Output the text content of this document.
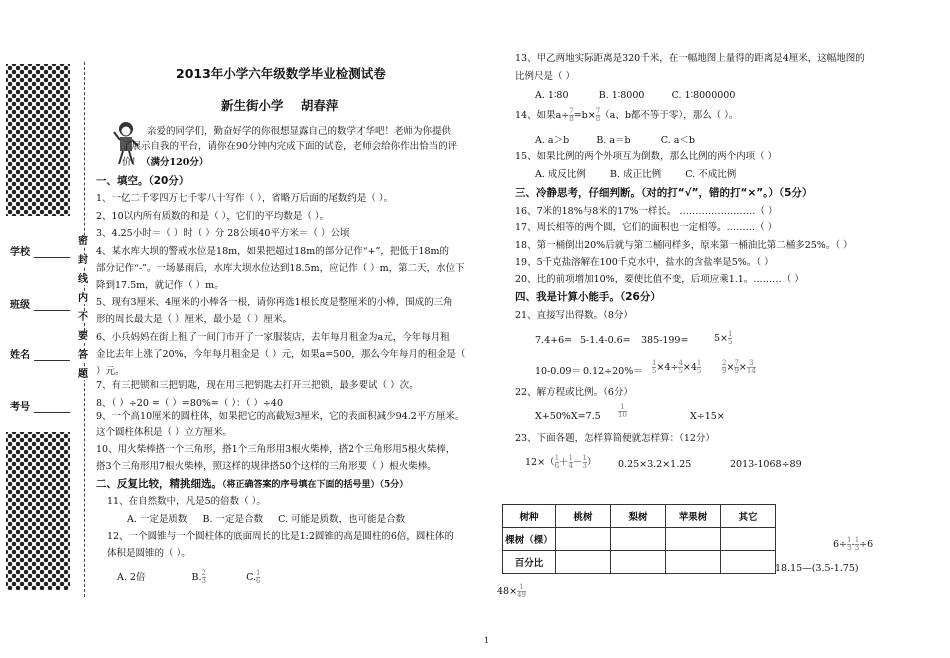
学校
班级
姓名
考号
密
封
线
内
不
要
答
题
2013年小学六年级数学毕业检测试卷
新生街小学    胡春萍
亲爱的同学们，勤奋好学的你很想显露自己的数学才华吧！老师为你提供
了展示自我的平台，请你在90分钟内完成下面的试卷，老师会给你作出恰当的评
价！（满分120分）
一、填空。（20分）
1、一亿二千零四万七千零八十写作（ ），省略万后面的尾数约是（ ）。
2、10以内所有质数的和是（ ），它们的平均数是（ ）。
3、4.25小时＝（ ）时（ ）分 28公顷40平方米＝（ ）公顷
4、某水库大坝的警戒水位是18m，如果把超过18m的部分记作“+”，把低于18m的
部分记作“-”。一场暴雨后，水库大坝水位达到18.5m，应记作（ ）m，第二天，水位下
降到17.5m，就记作（ ）m。
5、现有3厘米、4厘米的小棒各一根，请你再选1根长度是整厘米的小棒，围成的三角
形的周长最大是（ ）厘米，最小是（ ）厘米。
6、小兵妈妈在街上租了一间门市开了一家服装店，去年每月租金为a元，今年每月租
金比去年上涨了20%，今年每月租金是（ ）元，如果a=500，那么今年每月的租金是（
）元。
7、有三把锁和三把钥匙，现在用三把钥匙去打开三把锁，最多要试（ ）次。
8、（ ）÷20 =（ ）=80%=（ ）：（ ）÷40
9、一个高10厘米的圆柱体，如果把它的高截短3厘米，它的表面积减少94.2平方厘米。
这个圆柱体积是（ ）立方厘米。
10、用火柴棒搭一个三角形，搭1个三角形用3根火柴棒，搭2个三角形用5根火柴棒，
搭3个三角形用7根火柴棒，照这样的规律搭50个这样的三角形要（ ）根火柴棒。
二、反复比较，精挑细选。（将正确答案的序号填在下面的括号里）（5分）
11、在自然数中，凡是5的倍数（ ）。
A. 一定是质数     B. 一定是合数     C. 可能是质数，也可能是合数
12、一个圆锥与一个圆柱体的底面周长的比是1:2圆锥的高是圆柱的6倍，圆柱体的
体积是圆锥的（ ）。
A. 2倍	B. $\frac{2}{3}$	C. $\frac{1}{6}$
13、甲乙两地实际距离是320千米，在一幅地图上量得的距离是4厘米，这幅地图的
比例尺是（ ）
A. 1∶80          B. 1∶8000         C. 1∶8000000
14、如果$a\div \frac{7}{8} =b\times \frac{7}{8} (a$、b都不等于零），那么（ ）。
A. a＞b         B. a＝b          C. a＜b
15、如果比例的两个外项互为倒数，那么比例的两个内项（ ）
A. 成反比例        B. 成正比例        C. 不成比例
三、冷静思考，仔细判断。（对的打“√”，错的打“×”。）（5分）
16、7米的18%与8米的17%一样长。 ……………………（ ）
17、周长相等的两个圆，它们的面积也一定相等。………（ ）
18、第一桶倒出20%后就与第二桶同样多，原来第一桶油比第二桶多25%。（ ）
19、5千克盐溶解在100千克水中，盐水的含盐率是5%。（ ）
20、比的前项增加10%，要使比值不变，后项应乘1.1。………（ ）
四、我是计算小能手。（26分）
21、直接写出得数。（8分）
7.4+6= 5-1.4-0.6= 385-199=	$5\times \frac{1}{5}$
$10-0.09= 0.12\div 20\%= \frac{1}{5} \times 4\div \frac{4}{5} \times 4 \frac{1}{5}$	$\frac{2}{9} \times \frac{7}{9} \times \frac{3}{14}$
22、解方程或比例。（6分）
$X+50\%X=7.5 \frac{1}{10}$	X÷15×
23、下面各题，怎样算简便就怎样算：（12分）
$12\times( \frac{1}{6} + \frac{1}{4} - \frac{1}{3}$ ） 0.25×3.2×1.25	2013-1068÷89
树种	桃树	梨树	苹果树	其它
棵树（棵）				
百分比				
$6\div \frac{1}{3} - \frac{1}{3} \div 6$
18.15—(3.5-1.75)
$48\times \frac{1}{49}$
1
